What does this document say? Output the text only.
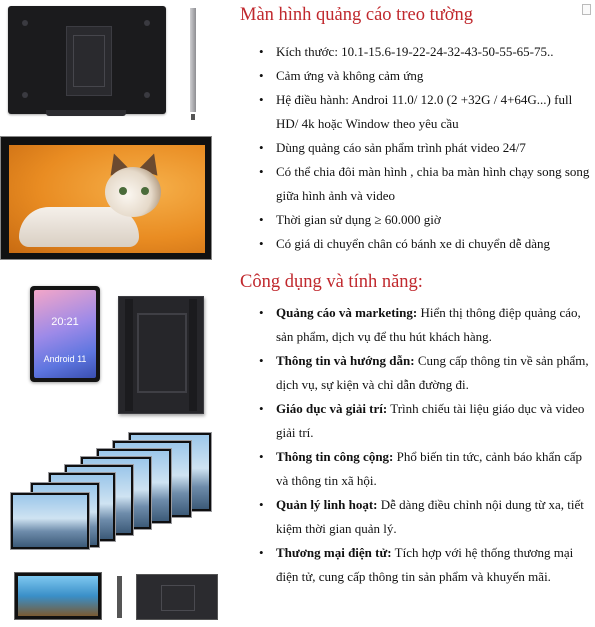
20:21
Android 11
Màn hình quảng cáo treo tường
• Kích thước: 10.1-15.6-19-22-24-32-43-50-55-65-75..
• Cảm ứng và không cảm ứng
• Hệ điều hành: Androi 11.0/ 12.0 (2 +32G / 4+64G...) full HD/ 4k hoặc Window theo yêu cầu
• Dùng quảng cáo sản phẩm trình phát video 24/7
• Có thể chia đôi màn hình , chia ba màn hình chạy song song giữa hình ảnh và video
• Thời gian sử dụng ≥ 60.000 giờ
• Có giá di chuyển chân có bánh xe di chuyển dễ dàng
Công dụng và tính năng:
• Quảng cáo và marketing: Hiển thị thông điệp quảng cáo, sản phẩm, dịch vụ để thu hút khách hàng.
• Thông tin và hướng dẫn: Cung cấp thông tin về sản phẩm, dịch vụ, sự kiện và chỉ dẫn đường đi.
• Giáo dục và giải trí: Trình chiếu tài liệu giáo dục và video giải trí.
• Thông tin công cộng: Phổ biến tin tức, cảnh báo khẩn cấp và thông tin xã hội.
• Quản lý linh hoạt: Dễ dàng điều chỉnh nội dung từ xa, tiết kiệm thời gian quản lý.
• Thương mại điện tử: Tích hợp với hệ thống thương mại điện tử, cung cấp thông tin sản phẩm và khuyến mãi.
